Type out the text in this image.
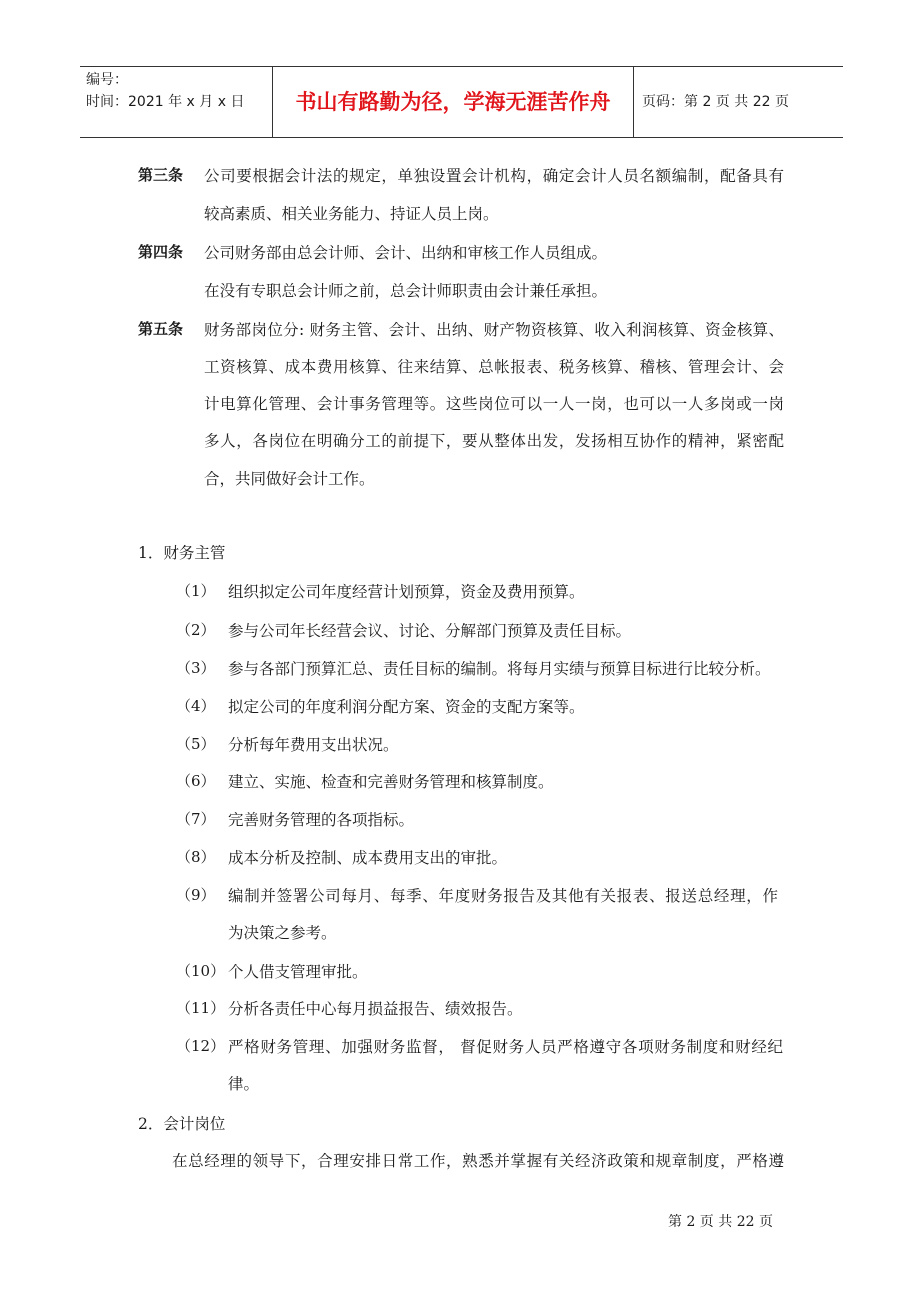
编号：
时间：2021 年 x 月 x 日	书山有路勤为径，学海无涯苦作舟	页码：第 2 页 共 22 页
第三条 公司要根据会计法的规定，单独设置会计机构，确定会计人员名额编制，配备具有
较高素质、相关业务能力、持证人员上岗。
第四条 公司财务部由总会计师、会计、出纳和审核工作人员组成。
在没有专职总会计师之前，总会计师职责由会计兼任承担。
第五条 财务部岗位分: 财务主管、会计、出纳、财产物资核算、收入利润核算、资金核算、
工资核算、成本费用核算、往来结算、总帐报表、税务核算、稽核、管理会计、会
计电算化管理、会计事务管理等。这些岗位可以一人一岗，也可以一人多岗或一岗
多人，各岗位在明确分工的前提下，要从整体出发，发扬相互协作的精神，紧密配
合，共同做好会计工作。
1．财务主管
（1） 组织拟定公司年度经营计划预算，资金及费用预算。
（2） 参与公司年长经营会议、讨论、分解部门预算及责任目标。
（3） 参与各部门预算汇总、责任目标的编制。将每月实绩与预算目标进行比较分析。
（4） 拟定公司的年度利润分配方案、资金的支配方案等。
（5） 分析每年费用支出状况。
（6） 建立、实施、检查和完善财务管理和核算制度。
（7） 完善财务管理的各项指标。
（8） 成本分析及控制、成本费用支出的审批。
（9） 编制并签署公司每月、每季、年度财务报告及其他有关报表、报送总经理，作
为决策之参考。
（10） 个人借支管理审批。
（11） 分析各责任中心每月损益报告、绩效报告。
（12） 严格财务管理、加强财务监督， 督促财务人员严格遵守各项财务制度和财经纪
律。
2．会计岗位
在总经理的领导下，合理安排日常工作，熟悉并掌握有关经济政策和规章制度，严格遵
第 2 页 共 22 页
